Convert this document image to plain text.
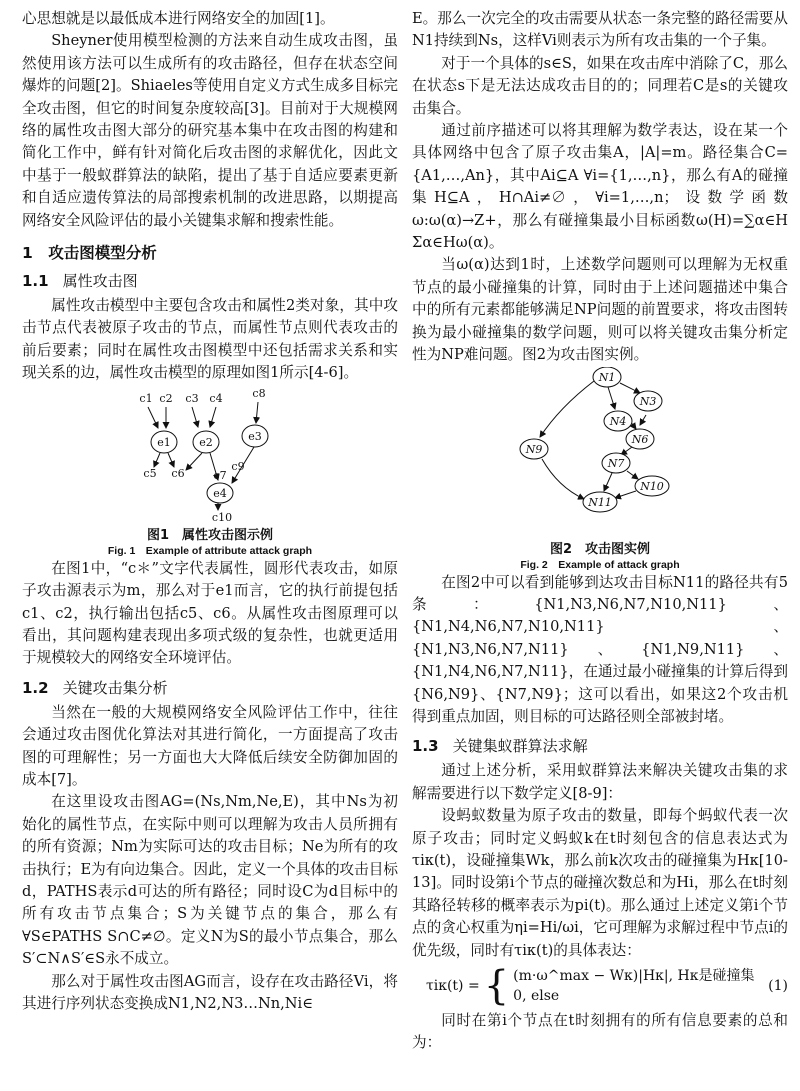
心思想就是以最低成本进行网络安全的加固[1]。

Sheyner使用模型检测的方法来自动生成攻击图，虽然使用该方法可以生成所有的攻击路径，但存在状态空间爆炸的问题[2]。Shiaeles等使用自定义方式生成多目标完全攻击图，但它的时间复杂度较高[3]。目前对于大规模网络的属性攻击图大部分的研究基本集中在攻击图的构建和简化工作中，鲜有针对简化后攻击图的求解优化，因此文中基于一般蚁群算法的缺陷，提出了基于自适应要素更新和自适应遗传算法的局部搜索机制的改进思路，以期提高网络安全风险评估的最小关键集求解和搜索性能。

1　攻击图模型分析
1.1 属性攻击图

属性攻击模型中主要包含攻击和属性2类对象，其中攻击节点代表被原子攻击的节点，而属性节点则代表攻击的前后要素；同时在属性攻击图模型中还包括需求关系和实现关系的边，属性攻击模型的原理如图1所示[4-6]。

c1 c2 c3 c4	c8
e1	e2	e3
c5 c6	c7
c9
e4
c10
图1　属性攻击图示例
Fig. 1　Example of attribute attack graph

在图1中，“c＊”文字代表属性，圆形代表攻击，如原子攻击源表示为m，那么对于e1而言，它的执行前提包括c1、c2，执行输出包括c5、c6。从属性攻击图原理可以看出，其问题构建表现出多项式级的复杂性，也就更适用于规模较大的网络安全环境评估。

1.2 关键攻击集分析

当然在一般的大规模网络安全风险评估工作中，往往会通过攻击图优化算法对其进行简化，一方面提高了攻击图的可理解性；另一方面也大大降低后续安全防御加固的成本[7]。

在这里设攻击图AG=(Ns,Nm,Ne,E)，其中Ns为初始化的属性节点，在实际中则可以理解为攻击人员所拥有的所有资源；Nm为实际可达的攻击目标；Ne为所有的攻击执行；E为有向边集合。因此，定义一个具体的攻击目标d，PATHS表示d可达的所有路径；同时设C为d目标中的所有攻击节点集合；S为关键节点的集合，那么有∀S∈PATHS S∩C≠∅。定义N为S的最小节点集合，那么S′⊂N∧S′∈S永不成立。

那么对于属性攻击图AG而言，设存在攻击路径Vi，将其进行序列状态变换成N1,N2,N3…Nn,Ni∈

E。那么一次完全的攻击需要从状态一条完整的路径需要从N1持续到Ns，这样Vi则表示为所有攻击集的一个子集。

对于一个具体的s∈S，如果在攻击库中消除了C，那么在状态s下是无法达成攻击目的的；同理若C是s的关键攻击集合。

通过前序描述可以将其理解为数学表达，设在某一个具体网络中包含了原子攻击集A，|A|=m。路径集合C={A1,…,An}，其中Ai⊆A ∀i={1,…,n}，那么有A的碰撞集H⊆A，H∩Ai≠∅，∀i=1,…,n；设数学函数ω:ω(α)→Z+，那么有碰撞集最小目标函数ω(H)=∑α∈H Σα∈Hω(α)。

当ω(α)达到1时，上述数学问题则可以理解为无权重节点的最小碰撞集的计算，同时由于上述问题描述中集合中的所有元素都能够满足NP问题的前置要求，将攻击图转换为最小碰撞集的数学问题，则可以将关键攻击集分析定性为NP难问题。图2为攻击图实例。

N1
N3
N4
N6
N7
N9
N10
N11
图2　攻击图实例
Fig. 2　Example of attack graph

在图2中可以看到能够到达攻击目标N11的路径共有5条：{N1,N3,N6,N7,N10,N11}、{N1,N4,N6,N7,N10,N11}、{N1,N3,N6,N7,N11}、{N1,N9,N11}、{N1,N4,N6,N7,N11}，在通过最小碰撞集的计算后得到{N6,N9}、{N7,N9}；这可以看出，如果这2个攻击机得到重点加固，则目标的可达路径则全部被封堵。

1.3 关键集蚁群算法求解

通过上述分析，采用蚁群算法来解决关键攻击集的求解需要进行以下数学定义[8-9]：

设蚂蚁数量为原子攻击的数量，即每个蚂蚁代表一次原子攻击；同时定义蚂蚁k在t时刻包含的信息表达式为τiκ(t)，设碰撞集Wk，那么前k次攻击的碰撞集为Hκ[10-13]。同时设第i个节点的碰撞次数总和为Hi，那么在t时刻其路径转移的概率表示为pi(t)。那么通过上述定义第i个节点的贪心权重为ηi=Hi/ωi，它可理解为求解过程中节点i的优先级，同时有τiκ(t)的具体表达：

τiκ(t) = { (m·ω^max − Wκ)|Hκ|, Hκ是碰撞集
0, else
(1)

同时在第i个节点在t时刻拥有的所有信息要素的总和为：
